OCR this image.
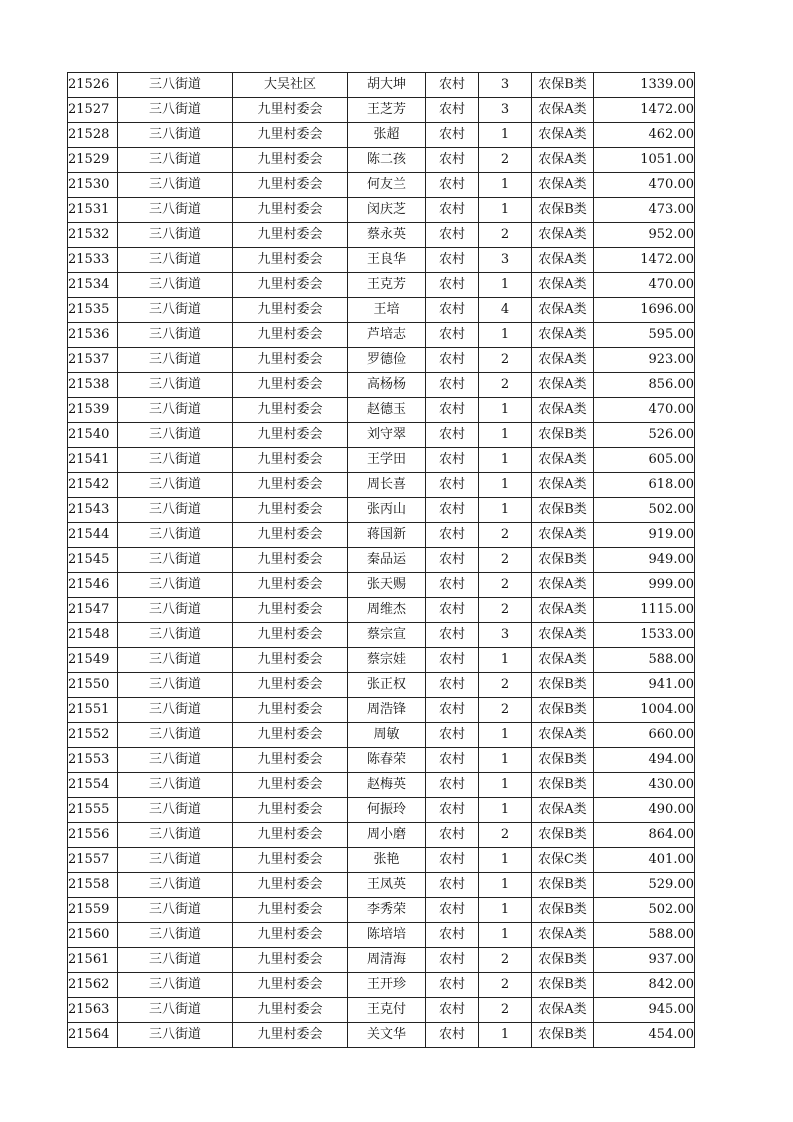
21526	三八街道	大吴社区	胡大坤	农村	3	农保B类	1339.00
21527	三八街道	九里村委会	王芝芳	农村	3	农保A类	1472.00
21528	三八街道	九里村委会	张超	农村	1	农保A类	462.00
21529	三八街道	九里村委会	陈二孩	农村	2	农保A类	1051.00
21530	三八街道	九里村委会	何友兰	农村	1	农保A类	470.00
21531	三八街道	九里村委会	闵庆芝	农村	1	农保B类	473.00
21532	三八街道	九里村委会	蔡永英	农村	2	农保A类	952.00
21533	三八街道	九里村委会	王良华	农村	3	农保A类	1472.00
21534	三八街道	九里村委会	王克芳	农村	1	农保A类	470.00
21535	三八街道	九里村委会	王培	农村	4	农保A类	1696.00
21536	三八街道	九里村委会	芦培志	农村	1	农保A类	595.00
21537	三八街道	九里村委会	罗德俭	农村	2	农保A类	923.00
21538	三八街道	九里村委会	高杨杨	农村	2	农保A类	856.00
21539	三八街道	九里村委会	赵德玉	农村	1	农保A类	470.00
21540	三八街道	九里村委会	刘守翠	农村	1	农保B类	526.00
21541	三八街道	九里村委会	王学田	农村	1	农保A类	605.00
21542	三八街道	九里村委会	周长喜	农村	1	农保A类	618.00
21543	三八街道	九里村委会	张丙山	农村	1	农保B类	502.00
21544	三八街道	九里村委会	蒋国新	农村	2	农保A类	919.00
21545	三八街道	九里村委会	秦品运	农村	2	农保B类	949.00
21546	三八街道	九里村委会	张天赐	农村	2	农保A类	999.00
21547	三八街道	九里村委会	周维杰	农村	2	农保A类	1115.00
21548	三八街道	九里村委会	蔡宗宣	农村	3	农保A类	1533.00
21549	三八街道	九里村委会	蔡宗娃	农村	1	农保A类	588.00
21550	三八街道	九里村委会	张正权	农村	2	农保B类	941.00
21551	三八街道	九里村委会	周浩锋	农村	2	农保B类	1004.00
21552	三八街道	九里村委会	周敏	农村	1	农保A类	660.00
21553	三八街道	九里村委会	陈春荣	农村	1	农保B类	494.00
21554	三八街道	九里村委会	赵梅英	农村	1	农保B类	430.00
21555	三八街道	九里村委会	何振玲	农村	1	农保A类	490.00
21556	三八街道	九里村委会	周小磨	农村	2	农保B类	864.00
21557	三八街道	九里村委会	张艳	农村	1	农保C类	401.00
21558	三八街道	九里村委会	王凤英	农村	1	农保B类	529.00
21559	三八街道	九里村委会	李秀荣	农村	1	农保B类	502.00
21560	三八街道	九里村委会	陈培培	农村	1	农保A类	588.00
21561	三八街道	九里村委会	周清海	农村	2	农保B类	937.00
21562	三八街道	九里村委会	王开珍	农村	2	农保B类	842.00
21563	三八街道	九里村委会	王克付	农村	2	农保A类	945.00
21564	三八街道	九里村委会	关文华	农村	1	农保B类	454.00
